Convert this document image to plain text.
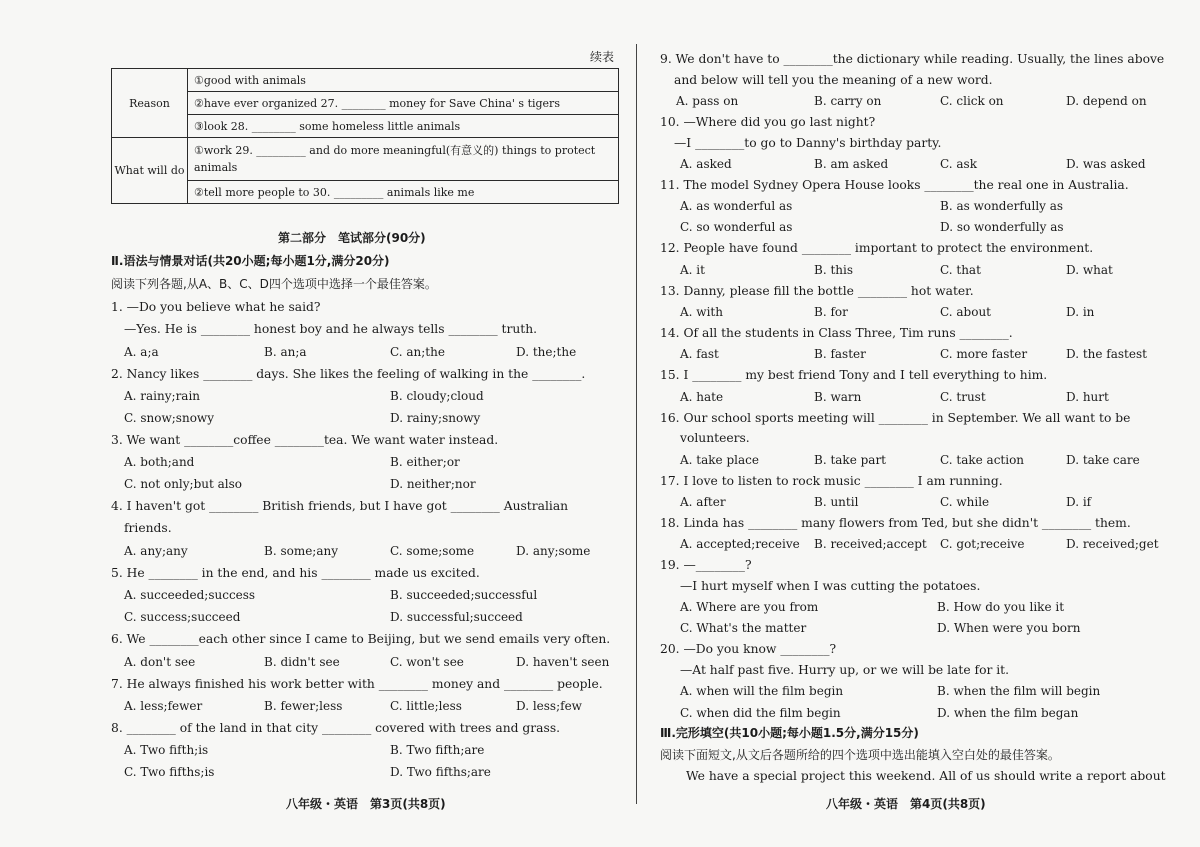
续表
Reason	①good with animals
	②have ever organized 27. ________ money for Save China' s tigers
	③look 28. ________ some homeless little animals
What will do	①work 29. _________ and do more meaningful(有意义的) things to protect animals
	②tell more people to 30. _________ animals like me
第二部分　笔试部分(90分)
Ⅱ.语法与情景对话(共20小题;每小题1分,满分20分)
阅读下列各题,从A、B、C、D四个选项中选择一个最佳答案。
1. —Do you believe what he said?
—Yes. He is ________ honest boy and he always tells ________ truth.
A. a;a	B. an;a	C. an;the	D. the;the
2. Nancy likes ________ days. She likes the feeling of walking in the ________.
A. rainy;rain	B. cloudy;cloud
C. snow;snowy	D. rainy;snowy
3. We want ________coffee ________tea. We want water instead.
A. both;and	B. either;or
C. not only;but also	D. neither;nor
4. I haven't got ________ British friends, but I have got ________ Australian
friends.
A. any;any	B. some;any	C. some;some	D. any;some
5. He ________ in the end, and his ________ made us excited.
A. succeeded;success	B. succeeded;successful
C. success;succeed	D. successful;succeed
6. We ________each other since I came to Beijing, but we send emails very often.
A. don't see	B. didn't see	C. won't see	D. haven't seen
7. He always finished his work better with ________ money and ________ people.
A. less;fewer	B. fewer;less	C. little;less	D. less;few
8. ________ of the land in that city ________ covered with trees and grass.
A. Two fifth;is	B. Two fifth;are
C. Two fifths;is	D. Two fifths;are
八年级・英语　第3页(共8页)
9. We don't have to ________the dictionary while reading. Usually, the lines above
and below will tell you the meaning of a new word.
A. pass on	B. carry on	C. click on	D. depend on
10. —Where did you go last night?
—I ________to go to Danny's birthday party.
A. asked	B. am asked	C. ask	D. was asked
11. The model Sydney Opera House looks ________the real one in Australia.
A. as wonderful as	B. as wonderfully as
C. so wonderful as	D. so wonderfully as
12. People have found ________ important to protect the environment.
A. it	B. this	C. that	D. what
13. Danny, please fill the bottle ________ hot water.
A. with	B. for	C. about	D. in
14. Of all the students in Class Three, Tim runs ________.
A. fast	B. faster	C. more faster	D. the fastest
15. I ________ my best friend Tony and I tell everything to him.
A. hate	B. warn	C. trust	D. hurt
16. Our school sports meeting will ________ in September. We all want to be
volunteers.
A. take place	B. take part	C. take action	D. take care
17. I love to listen to rock music ________ I am running.
A. after	B. until	C. while	D. if
18. Linda has ________ many flowers from Ted, but she didn't ________ them.
A. accepted;receive B. received;accept C. got;receive	D. received;get
19. —________?
—I hurt myself when I was cutting the potatoes.
A. Where are you from	B. How do you like it
C. What's the matter	D. When were you born
20. —Do you know ________?
—At half past five. Hurry up, or we will be late for it.
A. when will the film begin	B. when the film will begin
C. when did the film begin	D. when the film began
Ⅲ.完形填空(共10小题;每小题1.5分,满分15分)
阅读下面短文,从文后各题所给的四个选项中选出能填入空白处的最佳答案。
We have a special project this weekend. All of us should write a report about
八年级・英语　第4页(共8页)
